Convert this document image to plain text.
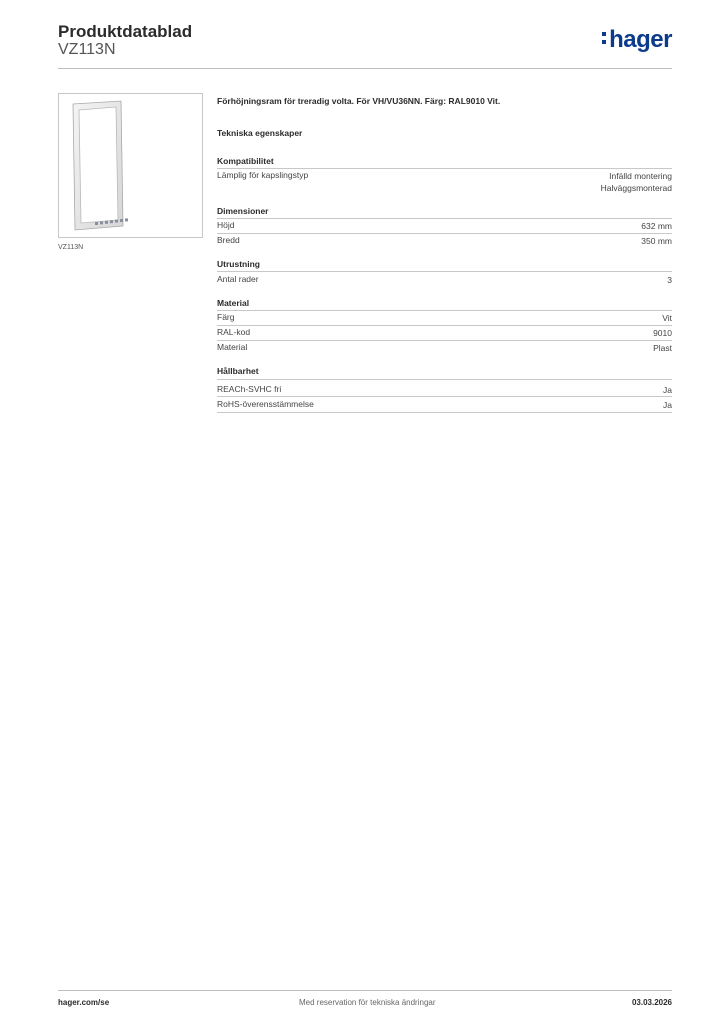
Produktdatablad
VZ113N	hager
VZ113N
Förhöjningsram för treradig volta. För VH/VU36NN. Färg: RAL9010 Vit.
Tekniska egenskaper
Kompatibilitet
Lämplig för kapslingstyp	Infälld montering
Halväggsmonterad
Dimensioner
Höjd	632 mm
Bredd	350 mm
Utrustning
Antal rader	3
Material
Färg	Vit
RAL-kod	9010
Material	Plast
Hållbarhet
REACh-SVHC fri	Ja
RoHS-överensstämmelse	Ja
hager.com/se	Med reservation för tekniska ändringar	03.03.2026
